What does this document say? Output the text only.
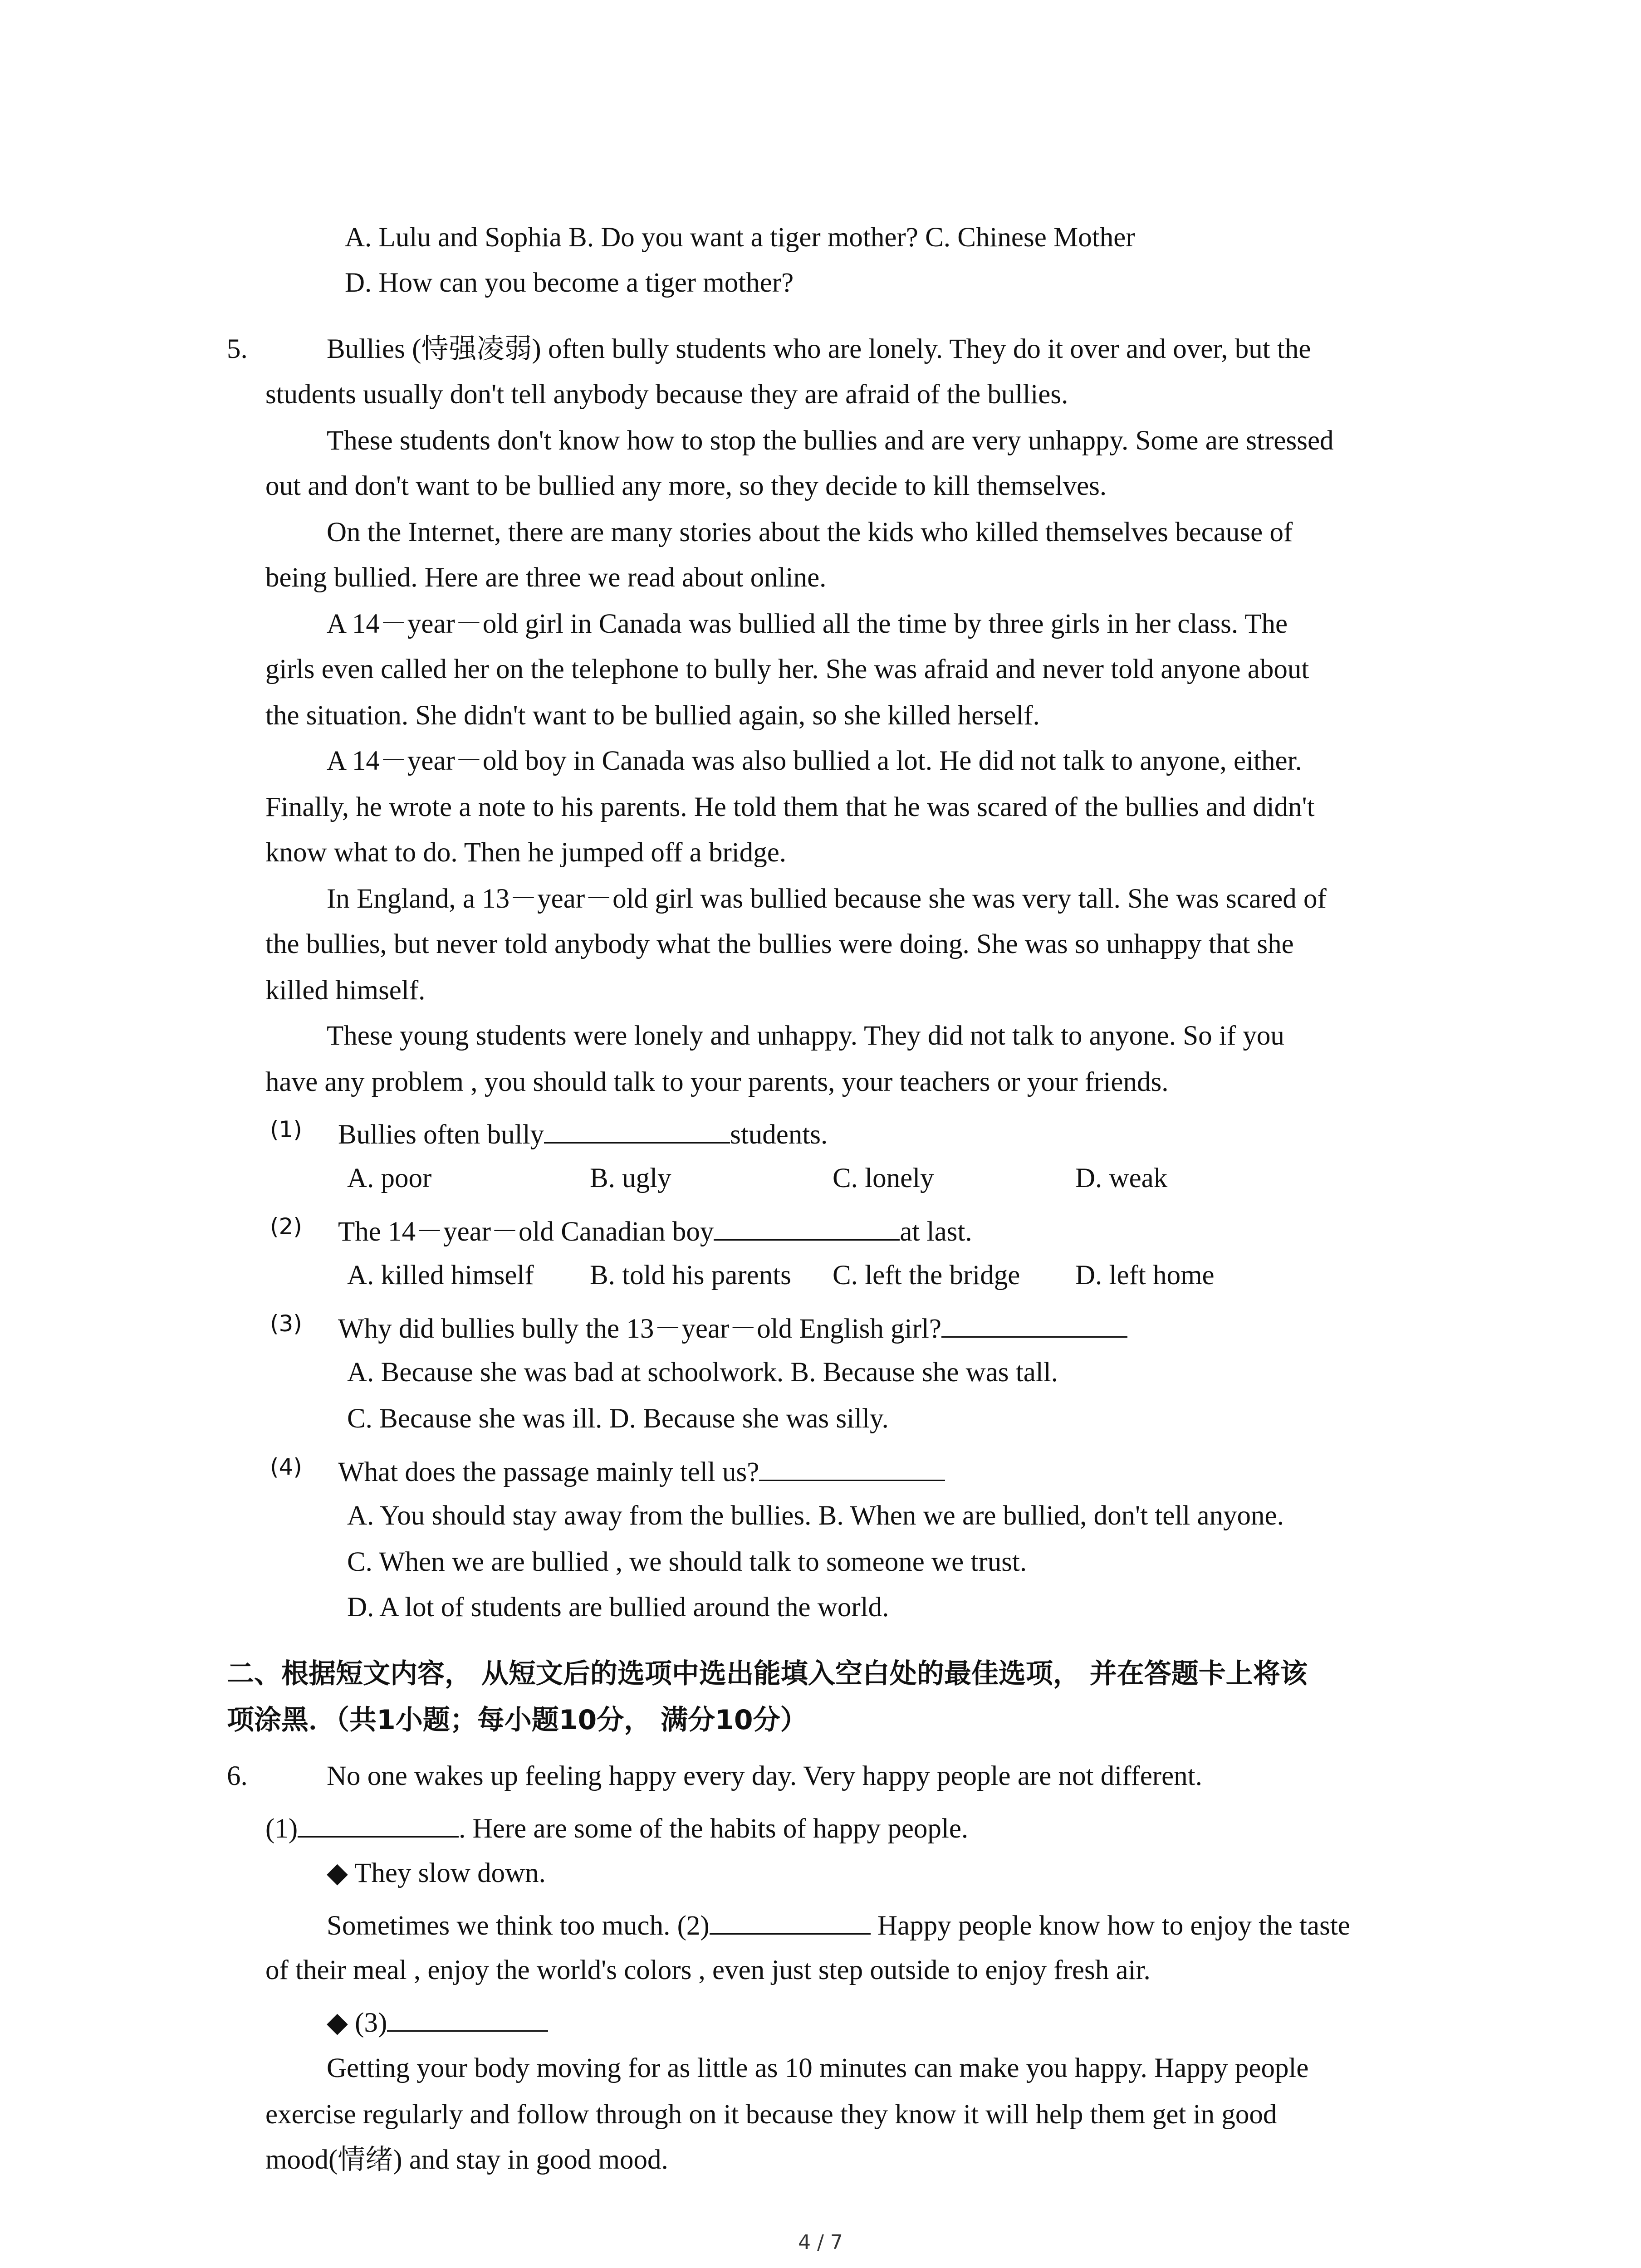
A. Lulu and Sophia B. Do you want a tiger mother? C. Chinese Mother
D. How can you become a tiger mother?
5.	Bullies (恃强凌弱) often bully students who are lonely. They do it over and over, but the
students usually don't tell anybody because they are afraid of the bullies.
These students don't know how to stop the bullies and are very unhappy. Some are stressed
out and don't want to be bullied any more, so they decide to kill themselves.
On the Internet, there are many stories about the kids who killed themselves because of
being bullied. Here are three we read about online.
A 14－year－old girl in Canada was bullied all the time by three girls in her class. The
girls even called her on the telephone to bully her. She was afraid and never told anyone about
the situation. She didn't want to be bullied again, so she killed herself.
A 14－year－old boy in Canada was also bullied a lot. He did not talk to anyone, either.
Finally, he wrote a note to his parents. He told them that he was scared of the bullies and didn't
know what to do. Then he jumped off a bridge.
In England, a 13－year－old girl was bullied because she was very tall. She was scared of
the bullies, but never told anybody what the bullies were doing. She was so unhappy that she
killed himself.
These young students were lonely and unhappy. They did not talk to anyone. So if you
have any problem , you should talk to your parents, your teachers or your friends.
(1) Bullies often bully	students.
A. poor	B. ugly	C. lonely	D. weak
(2) The 14－year－old Canadian boy	at last.
A. killed himself B. told his parents C. left the bridge D. left home
(3) Why did bullies bully the 13－year－old English girl?
A. Because she was bad at schoolwork. B. Because she was tall.
C. Because she was ill. D. Because she was silly.
(4) What does the passage mainly tell us?
A. You should stay away from the bullies. B. When we are bullied, don't tell anyone.
C. When we are bullied , we should talk to someone we trust.
D. A lot of students are bullied around the world.
二、根据短文内容， 从短文后的选项中选出能填入空白处的最佳选项， 并在答题卡上将该
项涂黑．（共1小题；每小题10分， 满分10分）
6.	No one wakes up feeling happy every day. Very happy people are not different.
(1)	. Here are some of the habits of happy people.
◆ They slow down.
Sometimes we think too much. (2)	Happy people know how to enjoy the taste
of their meal , enjoy the world's colors , even just step outside to enjoy fresh air.
◆ (3)
Getting your body moving for as little as 10 minutes can make you happy. Happy people
exercise regularly and follow through on it because they know it will help them get in good
mood(情绪) and stay in good mood.
4 / 7
